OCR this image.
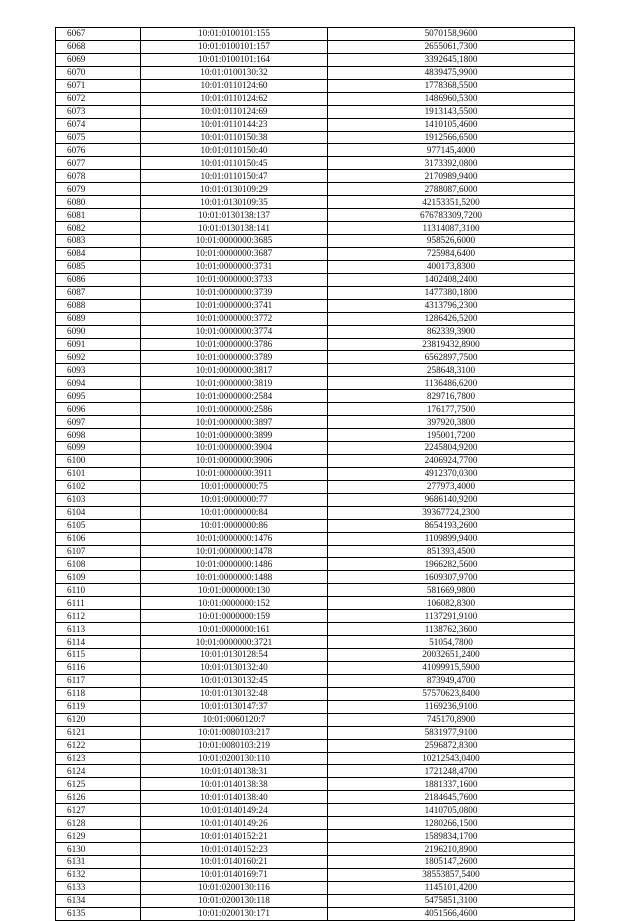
6067	10:01:0100101:155	5070158,9600
6068	10:01:0100101:157	2655061,7300
6069	10:01:0100101:164	3392645,1800
6070	10:01:0100130:32	4839475,9900
6071	10:01:0110124:60	1778368,5500
6072	10:01:0110124:62	1486960,5300
6073	10:01:0110124:69	1913143,5500
6074	10:01:0110144:23	1410105,4600
6075	10:01:0110150:38	1912566,6500
6076	10:01:0110150:40	977145,4000
6077	10:01:0110150:45	3173392,0800
6078	10:01:0110150:47	2170989,9400
6079	10:01:0130109:29	2788087,6000
6080	10:01:0130109:35	42153351,5200
6081	10:01:0130138:137	676783309,7200
6082	10:01:0130138:141	11314087,3100
6083	10:01:0000000:3685	958526,6000
6084	10:01:0000000:3687	725984,6400
6085	10:01:0000000:3731	400173,8300
6086	10:01:0000000:3733	1402408,2400
6087	10:01:0000000:3739	1477380,1800
6088	10:01:0000000:3741	4313796,2300
6089	10:01:0000000:3772	1286426,5200
6090	10:01:0000000:3774	862339,3900
6091	10:01:0000000:3786	23819432,8900
6092	10:01:0000000:3789	6562897,7500
6093	10:01:0000000:3817	258648,3100
6094	10:01:0000000:3819	1136486,6200
6095	10:01:0000000:2584	829716,7800
6096	10:01:0000000:2586	176177,7500
6097	10:01:0000000:3897	397920,3800
6098	10:01:0000000:3899	195001,7200
6099	10:01:0000000:3904	2245804,9200
6100	10:01:0000000:3906	2406924,7700
6101	10:01:0000000:3911	4912370,0300
6102	10:01:0000000:75	277973,4000
6103	10:01:0000000:77	9686140,9200
6104	10:01:0000000:84	39367724,2300
6105	10:01:0000000:86	8654193,2600
6106	10:01:0000000:1476	1109899,9400
6107	10:01:0000000:1478	851393,4500
6108	10:01:0000000:1486	1966282,5600
6109	10:01:0000000:1488	1609307,9700
6110	10:01:0000000:130	581669,9800
6111	10:01:0000000:152	106082,8300
6112	10:01:0000000:159	1137291,9100
6113	10:01:0000000:161	1138762,3600
6114	10:01:0000000:3721	51054,7800
6115	10:01:0130128:54	20032651,2400
6116	10:01:0130132:40	41099915,5900
6117	10:01:0130132:45	873949,4700
6118	10:01:0130132:48	57570623,8400
6119	10:01:0130147:37	1169236,9100
6120	10:01:0060120:7	745170,8900
6121	10:01:0080103:217	5831977,9100
6122	10:01:0080103:219	2596872,8300
6123	10:01:0200130:110	10212543,0400
6124	10:01:0140138:31	1721248,4700
6125	10:01:0140138:38	1881337,1600
6126	10:01:0140138:40	2184645,7600
6127	10:01:0140149:24	1410705,0800
6128	10:01:0140149:26	1280266,1500
6129	10:01:0140152:21	1589834,1700
6130	10:01:0140152:23	2196210,8900
6131	10:01:0140160:21	1805147,2600
6132	10:01:0140169:71	38553857,5400
6133	10:01:0200130:116	1145101,4200
6134	10:01:0200130:118	5475851,3100
6135	10:01:0200130:171	4051566,4600
